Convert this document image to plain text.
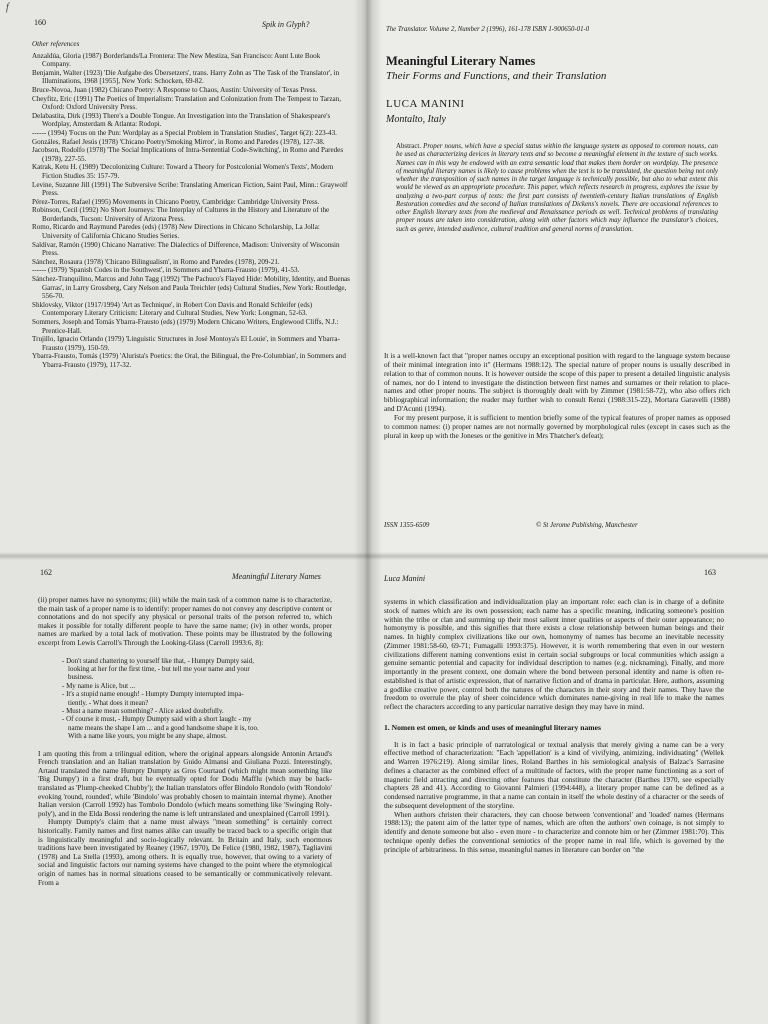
f
160	Spik in Glyph?
Other references

Anzaldúa, Gloria (1987) Borderlands/La Frontera: The New Mestiza, San Francisco: Aunt Lute Book Company.

Benjamin, Walter (1923) 'Die Aufgabe des Übersetzers', trans. Harry Zohn as 'The Task of the Translator', in Illuminations, 1968 [1955], New York: Schocken, 69-82.

Bruce-Novoa, Juan (1982) Chicano Poetry: A Response to Chaos, Austin: University of Texas Press.

Cheyfitz, Eric (1991) The Poetics of Imperialism: Translation and Colonization from The Tempest to Tarzan, Oxford: Oxford University Press.

Delabastita, Dirk (1993) There's a Double Tongue. An Investigation into the Translation of Shakespeare's Wordplay, Amsterdam & Atlanta: Rodopi.

------ (1994) 'Focus on the Pun: Wordplay as a Special Problem in Translation Studies', Target 6(2): 223-43.

Gonzáles, Rafael Jesús (1978) 'Chicano Poetry/Smoking Mirror', in Romo and Paredes (1978), 127-38.

Jacobson, Rodolfo (1978) 'The Social Implications of Intra-Sentential Code-Switching', in Romo and Paredes (1978), 227-55.

Katrak, Ketu H. (1989) 'Decolonizing Culture: Toward a Theory for Postcolonial Women's Texts', Modern Fiction Studies 35: 157-79.

Levine, Suzanne Jill (1991) The Subversive Scribe: Translating American Fiction, Saint Paul, Minn.: Graywolf Press.

Pérez-Torres, Rafael (1995) Movements in Chicano Poetry, Cambridge: Cambridge University Press.

Robinson, Cecil (1992) No Short Journeys: The Interplay of Cultures in the History and Literature of the Borderlands, Tucson: University of Arizona Press.

Romo, Ricardo and Raymund Paredes (eds) (1978) New Directions in Chicano Scholarship, La Jolla: University of California Chicano Studies Series.

Saldívar, Ramón (1990) Chicano Narrative: The Dialectics of Difference, Madison: University of Wisconsin Press.

Sánchez, Rosaura (1978) 'Chicano Bilingualism', in Romo and Paredes (1978), 209-21.

------ (1979) 'Spanish Codes in the Southwest', in Sommers and Ybarra-Frausto (1979), 41-53.

Sánchez-Tranquilino, Marcos and John Tagg (1992) 'The Pachuco's Flayed Hide: Mobility, Identity, and Buenas Garras', in Larry Grossberg, Cary Nelson and Paula Treichler (eds) Cultural Studies, New York: Routledge, 556-70.

Shklovsky, Viktor (1917/1994) 'Art as Technique', in Robert Con Davis and Ronald Schleifer (eds) Contemporary Literary Criticism: Literary and Cultural Studies, New York: Longman, 52-63.

Sommers, Joseph and Tomás Ybarra-Frausto (eds) (1979) Modern Chicano Writers, Englewood Cliffs, N.J.: Prentice-Hall.

Trujillo, Ignacio Orlando (1979) 'Linguistic Structures in José Montoya's El Louie', in Sommers and Ybarra-Frausto (1979), 150-59.

Ybarra-Frausto, Tomás (1979) 'Alurista's Poetics: the Oral, the Bilingual, the Pre-Columbian', in Sommers and Ybarra-Frausto (1979), 117-32.

The Translator. Volume 2, Number 2 (1996), 161-178 ISBN 1-900650-01-0
Meaningful Literary Names
Their Forms and Functions, and their Translation
LUCA MANINI
Montalto, Italy
Abstract. Proper nouns, which have a special status within the language system as opposed to common nouns, can be used as characterizing devices in literary texts and so become a meaningful element in the texture of such works. Names can in this way be endowed with an extra semantic load that makes them border on wordplay. The presence of meaningful literary names is likely to cause problems when the text is to be translated, the question being not only whether the transposition of such names in the target language is technically possible, but also to what extent this would be viewed as an appropriate procedure. This paper, which reflects research in progress, explores the issue by analyzing a two-part corpus of texts: the first part consists of twentieth-century Italian translations of English Restoration comedies and the second of Italian translations of Dickens's novels. There are occasional references to other English literary texts from the medieval and Renaissance periods as well. Technical problems of translating proper nouns are taken into consideration, along with other factors which may influence the translator's choices, such as genre, intended audience, cultural tradition and general norms of translation.

It is a well-known fact that "proper names occupy an exceptional position with regard to the language system because of their minimal integration into it" (Hermans 1988:12). The special nature of proper nouns is usually described in relation to that of common nouns. It is however outside the scope of this paper to present a detailed linguistic analysis of names, nor do I intend to investigate the distinction between first names and surnames or their relation to place-names and other proper nouns. The subject is thoroughly dealt with by Zimmer (1981:58-72), who also offers rich bibliographical information; the reader may further wish to consult Renzi (1988:315-22), Mortara Garavelli (1988) and D'Acunti (1994).

For my present purpose, it is sufficient to mention briefly some of the typical features of proper names as opposed to common names: (i) proper names are not normally governed by morphological rules (except in cases such as the plural in keep up with the Joneses or the genitive in Mrs Thatcher's defeat);

ISSN 1355-6509	© St Jerome Publishing, Manchester
162	Meaningful Literary Names

(ii) proper names have no synonyms; (iii) while the main task of a common name is to characterize, the main task of a proper name is to identify: proper names do not convey any descriptive content or connotations and do not specify any physical or personal traits of the person referred to, which makes it possible for totally different people to have the same name; (iv) in other words, proper names are marked by a total lack of motivation. These points may be illustrated by the following excerpt from Lewis Carroll's Through the Looking-Glass (Carroll 1993:6, 8):

- Don't stand chattering to yourself like that, - Humpty Dumpty said,
looking at her for the first time, - but tell me your name and your
business.
- My name is Alice, but ...
- It's a stupid name enough! - Humpty Dumpty interrupted impa-
tiently. - What does it mean?
- Must a name mean something? - Alice asked doubtfully.
- Of course it must, - Humpty Dumpty said with a short laugh: - my
name means the shape I am ... and a good handsome shape it is, too.
With a name like yours, you might be any shape, almost.

I am quoting this from a trilingual edition, where the original appears alongside Antonin Artaud's French translation and an Italian translation by Guido Almansi and Giuliana Pozzi. Interestingly, Artaud translated the name Humpty Dumpty as Gros Courtaud (which might mean something like 'Big Dumpy') in a first draft, but he eventually opted for Dodu Mafflu (which may be back-translated as 'Plump-cheeked Chubby'); the Italian translators offer Bindolo Rondolo (with 'Rondolo' evoking 'round, rounded', while 'Bindolo' was probably chosen to maintain internal rhyme). Another Italian version (Carroll 1992) has Tombolo Dondolo (which means something like 'Swinging Roly-poly'), and in the Elda Bossi rendering the name is left untranslated and unexplained (Carroll 1991).

Humpty Dumpty's claim that a name must always "mean something" is certainly correct historically. Family names and first names alike can usually be traced back to a specific origin that is linguistically meaningful and socio-logically relevant. In Britain and Italy, such enormous traditions have been investigated by Reaney (1967, 1970), De Felice (1980, 1982, 1987), Tagliavini (1978) and La Stella (1993), among others. It is equally true, however, that owing to a variety of social and linguistic factors our naming systems have changed to the point where the etymological origin of names has in normal situations ceased to be semantically or communicatively relevant. From a

Luca Manini
163

systems in which classification and individualization play an important role: each clan is in charge of a definite stock of names which are its own possession; each name has a specific meaning, indicating someone's position within the tribe or clan and summing up their most salient inner qualities or aspects of their outer appearance; no homonymy is possible, and this signifies that there exists a close relationship between human beings and their names. In highly complex civilizations like our own, homonymy of names has become an inevitable necessity (Zimmer 1981:58-60, 69-71; Fumagalli 1993:375). However, it is worth remembering that even in our western civilizations different naming conventions exist in certain social subgroups or local communities which assign a genuine semantic potential and capacity for individual description to names (e.g. nicknaming). Finally, and more importantly in the present context, one domain where the bond between personal identity and name is often re-established is that of artistic expression, that of narrative fiction and of drama in particular. Here, authors, assuming a godlike creative power, control both the natures of the characters in their story and their names. They have the freedom to overrule the play of sheer coincidence which dominates name-giving in real life to make the names reflect the characters according to any particular narrative design they may have in mind.

1. Nomen est omen, or kinds and uses of meaningful literary names

It is in fact a basic principle of narratological or textual analysis that merely giving a name can be a very effective method of characterization: "Each 'appellation' is a kind of vivifying, animizing, individuating" (Wellek and Warren 1976:219). Along similar lines, Roland Barthes in his semiological analysis of Balzac's Sarrasine defines a character as the combined effect of a multitude of factors, with the proper name functioning as a sort of magnetic field attracting and directing other features that constitute the character (Barthes 1970, see especially chapters 28 and 41). According to Giovanni Palmieri (1994:448), a literary proper name can be defined as a condensed narrative programme, in that a name can contain in itself the whole destiny of a character or the seeds of the subsequent development of the storyline.

When authors christen their characters, they can choose between 'conventional' and 'loaded' names (Hermans 1988:13); the patent aim of the latter type of names, which are often the authors' own coinage, is not simply to identify and denote someone but also - even more - to characterize and connote him or her (Zimmer 1981:70). This technique openly defies the conventional semiotics of the proper name in real life, which is governed by the principle of arbitrariness. In this sense, meaningful names in literature can border on "the
